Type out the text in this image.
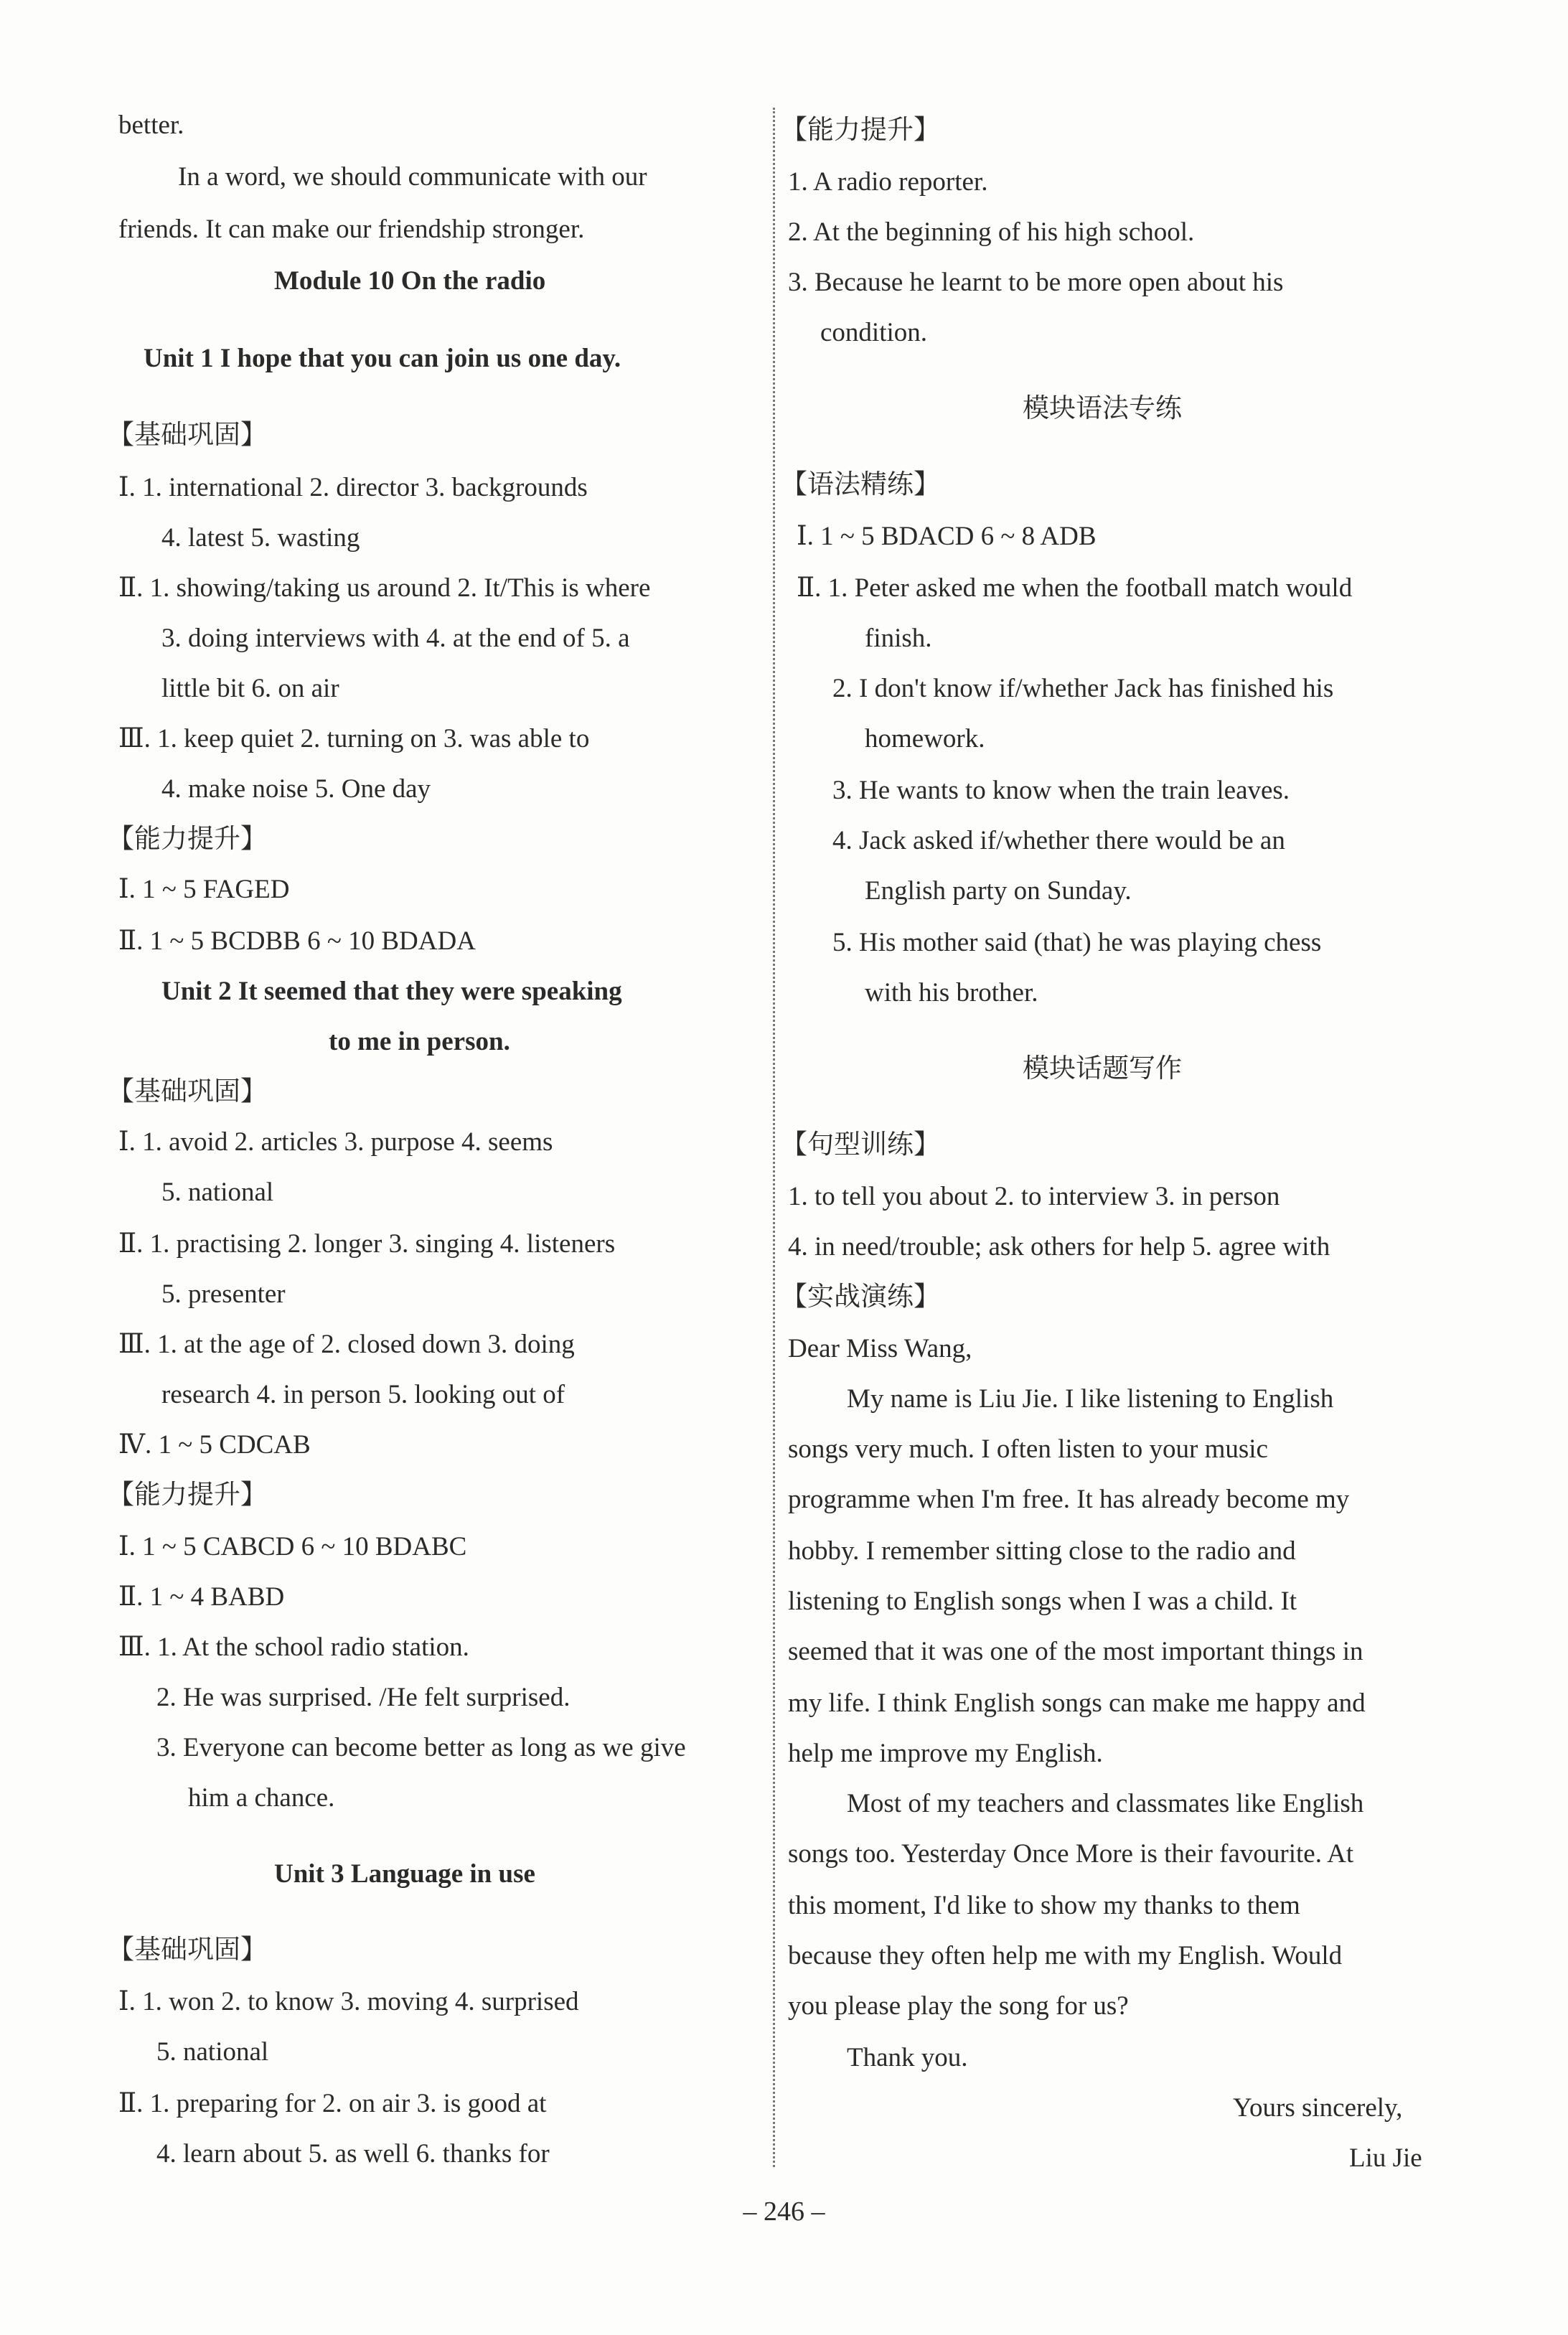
better.
In a word, we should communicate with our
friends. It can make our friendship stronger.
Module 10 On the radio
Unit 1 I hope that you can join us one day.
【基础巩固】
Ⅰ. 1. international 2. director 3. backgrounds
4. latest 5. wasting
Ⅱ. 1. showing/taking us around 2. It/This is where
3. doing interviews with 4. at the end of 5. a
little bit 6. on air
Ⅲ. 1. keep quiet 2. turning on 3. was able to
4. make noise 5. One day
【能力提升】
Ⅰ. 1 ~ 5 FAGED
Ⅱ. 1 ~ 5 BCDBB 6 ~ 10 BDADA
Unit 2 It seemed that they were speaking
to me in person.
【基础巩固】
Ⅰ. 1. avoid 2. articles 3. purpose 4. seems
5. national
Ⅱ. 1. practising 2. longer 3. singing 4. listeners
5. presenter
Ⅲ. 1. at the age of 2. closed down 3. doing
research 4. in person 5. looking out of
Ⅳ. 1 ~ 5 CDCAB
【能力提升】
Ⅰ. 1 ~ 5 CABCD 6 ~ 10 BDABC
Ⅱ. 1 ~ 4 BABD
Ⅲ. 1. At the school radio station.
2. He was surprised. /He felt surprised.
3. Everyone can become better as long as we give
him a chance.
Unit 3 Language in use
【基础巩固】
Ⅰ. 1. won 2. to know 3. moving 4. surprised
5. national
Ⅱ. 1. preparing for 2. on air 3. is good at
4. learn about 5. as well 6. thanks for
【能力提升】
1. A radio reporter.
2. At the beginning of his high school.
3. Because he learnt to be more open about his
condition.
模块语法专练
【语法精练】
Ⅰ. 1 ~ 5 BDACD 6 ~ 8 ADB
Ⅱ. 1. Peter asked me when the football match would
finish.
2. I don't know if/whether Jack has finished his
homework.
3. He wants to know when the train leaves.
4. Jack asked if/whether there would be an
English party on Sunday.
5. His mother said (that) he was playing chess
with his brother.
模块话题写作
【句型训练】
1. to tell you about 2. to interview 3. in person
4. in need/trouble; ask others for help 5. agree with
【实战演练】
Dear Miss Wang,
My name is Liu Jie. I like listening to English
songs very much. I often listen to your music
programme when I'm free. It has already become my
hobby. I remember sitting close to the radio and
listening to English songs when I was a child. It
seemed that it was one of the most important things in
my life. I think English songs can make me happy and
help me improve my English.
Most of my teachers and classmates like English
songs too. Yesterday Once More is their favourite. At
this moment, I'd like to show my thanks to them
because they often help me with my English. Would
you please play the song for us?
Thank you.
Yours sincerely,
Liu Jie
– 246 –
